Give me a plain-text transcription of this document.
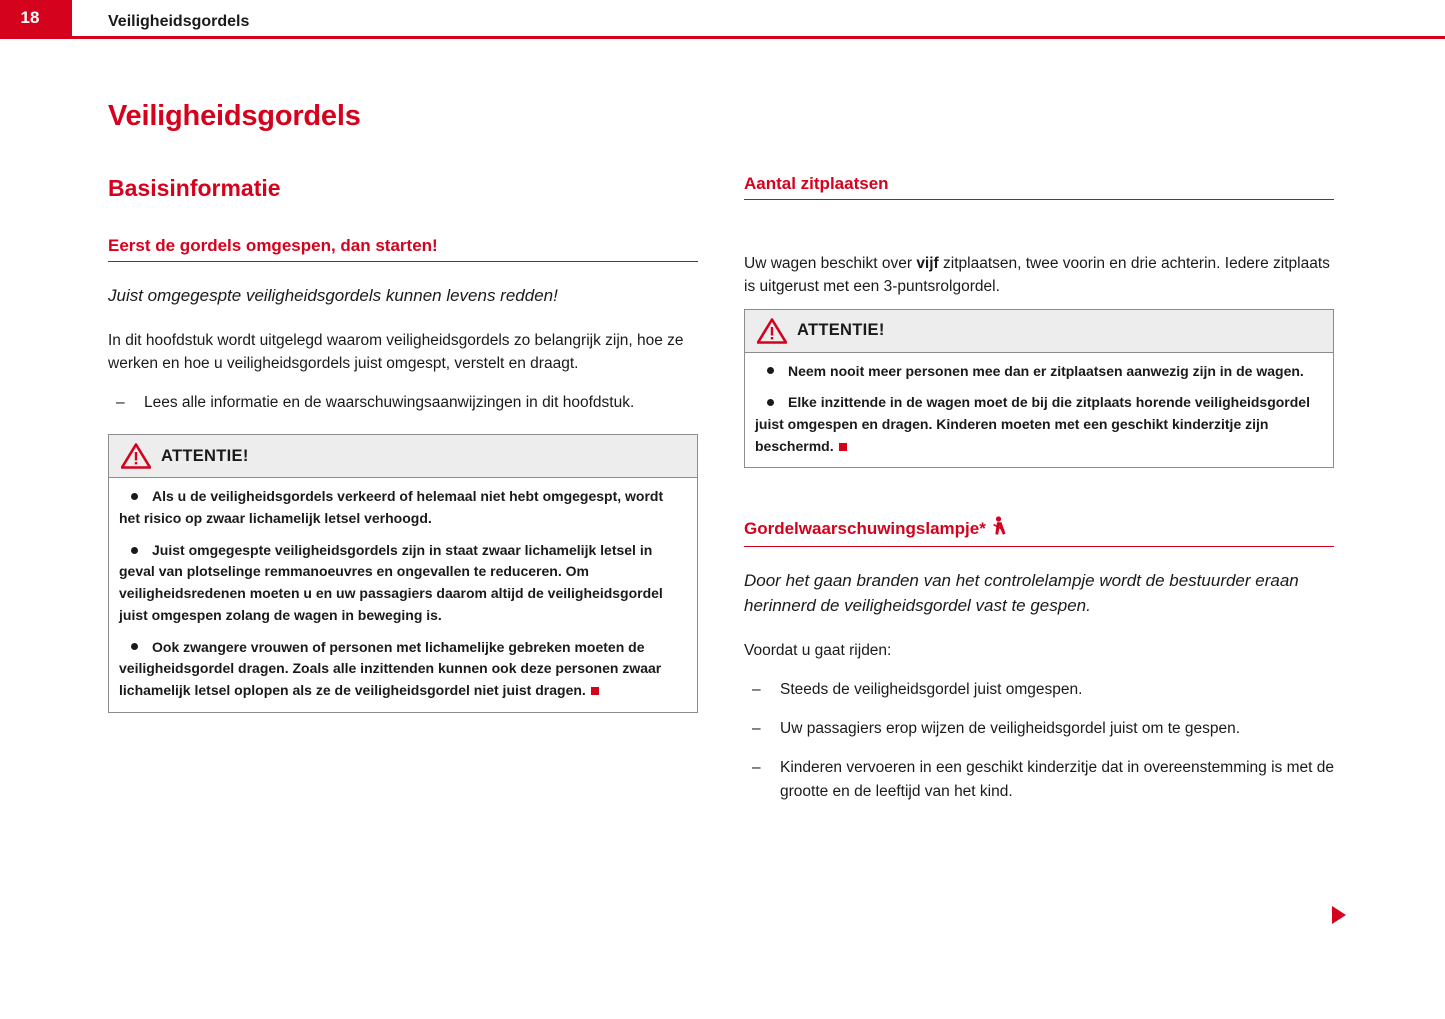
18	Veiligheidsgordels
Veiligheidsgordels
Basisinformatie
Eerst de gordels omgespen, dan starten!

Juist omgegespte veiligheidsgordels kunnen levens redden!

In dit hoofdstuk wordt uitgelegd waarom veiligheidsgordels zo belangrijk zijn, hoe ze werken en hoe u veiligheidsgordels juist omgespt, verstelt en draagt.

– Lees alle informatie en de waarschuwingsaanwijzingen in dit hoofdstuk.
ATTENTIE!
Als u de veiligheidsgordels verkeerd of helemaal niet hebt omgegespt, wordt het risico op zwaar lichamelijk letsel verhoogd.
Juist omgegespte veiligheidsgordels zijn in staat zwaar lichamelijk letsel in geval van plotselinge remmanoeuvres en ongevallen te reduceren. Om veiligheidsredenen moeten u en uw passagiers daarom altijd de veiligheidsgordel juist omgespen zolang de wagen in beweging is.
Ook zwangere vrouwen of personen met lichamelijke gebreken moeten de veiligheidsgordel dragen. Zoals alle inzittenden kunnen ook deze personen zwaar lichamelijk letsel oplopen als ze de veiligheidsgordel niet juist dragen.
Aantal zitplaatsen

Uw wagen beschikt over vijf zitplaatsen, twee voorin en drie achterin. Iedere zitplaats is uitgerust met een 3-puntsrolgordel.

ATTENTIE!
Neem nooit meer personen mee dan er zitplaatsen aanwezig zijn in de wagen.
Elke inzittende in de wagen moet de bij die zitplaats horende veiligheidsgordel juist omgespen en dragen. Kinderen moeten met een geschikt kinderzitje zijn beschermd.
Gordelwaarschuwingslampje*

Door het gaan branden van het controlelampje wordt de bestuurder eraan herinnerd de veiligheidsgordel vast te gespen.

Voordat u gaat rijden:

– Steeds de veiligheidsgordel juist omgespen.
– Uw passagiers erop wijzen de veiligheidsgordel juist om te gespen.
– Kinderen vervoeren in een geschikt kinderzitje dat in overeenstemming is met de grootte en de leeftijd van het kind.
